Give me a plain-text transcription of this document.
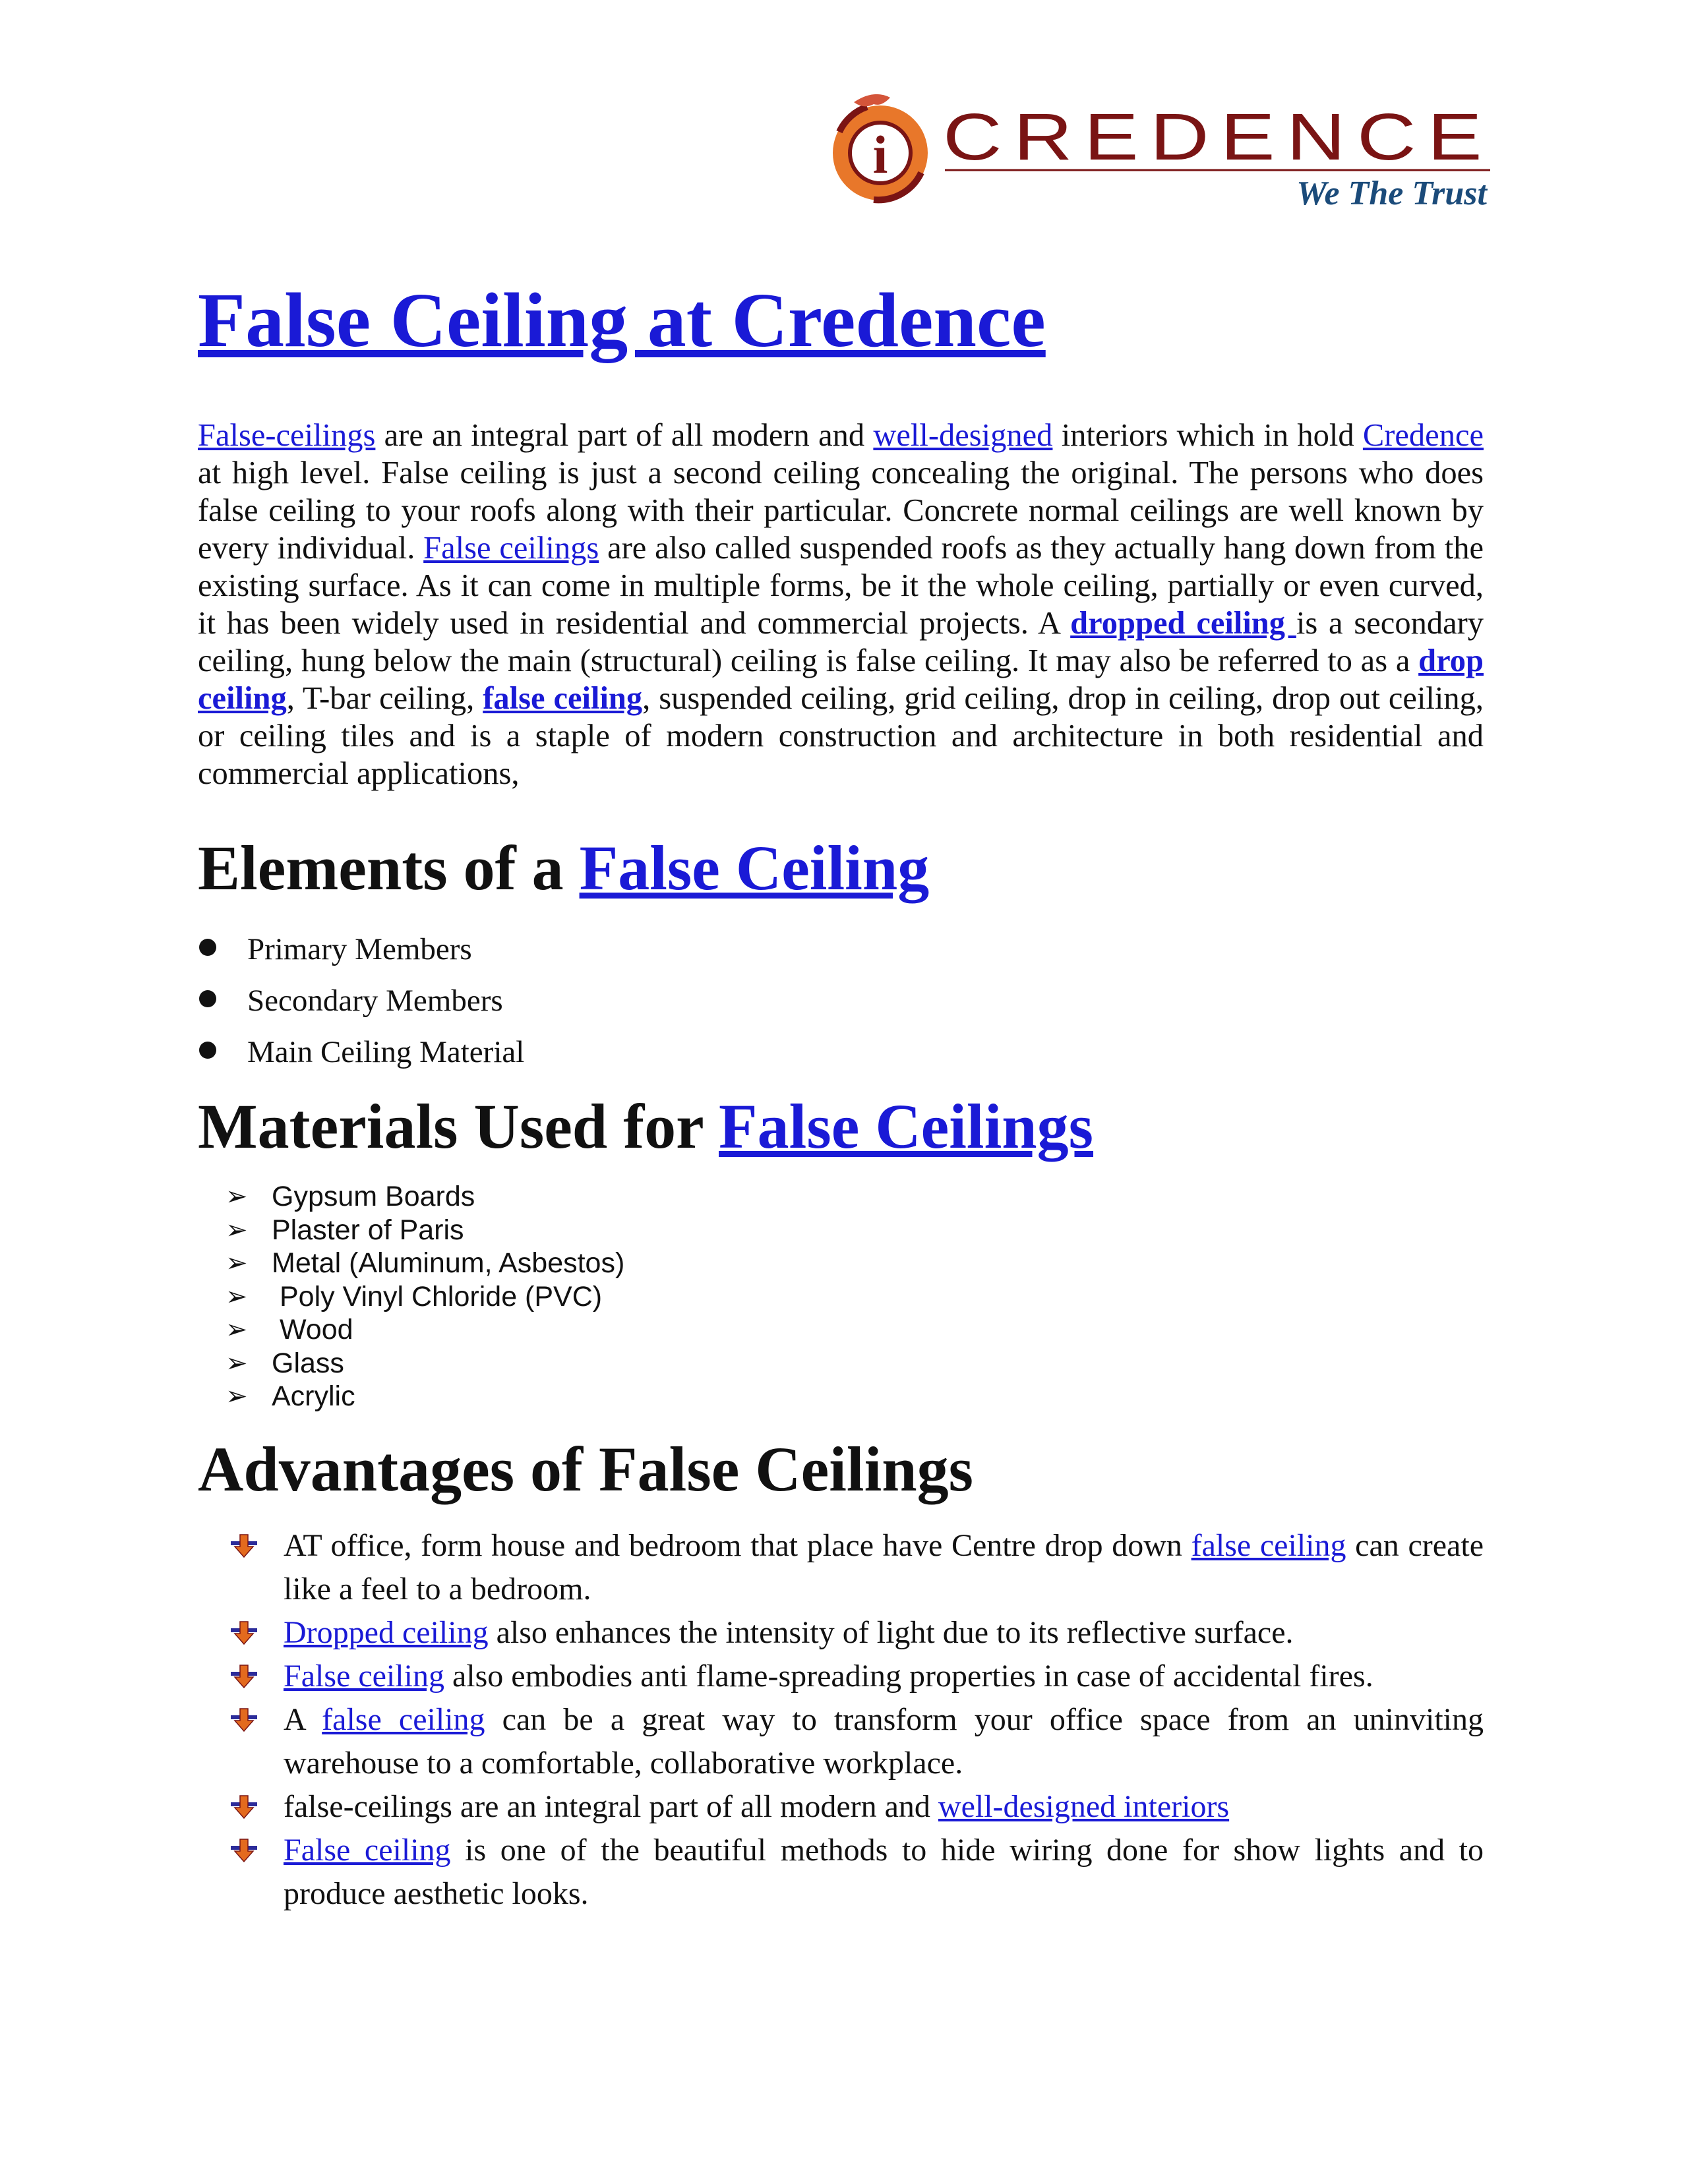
i CREDENCE
We The Trust
False Ceiling at Credence

False-ceilings are an integral part of all modern and well-designed interiors which in hold Credence at high level. False ceiling is just a second ceiling concealing the original. The persons who does false ceiling to your roofs along with their particular. Concrete normal ceilings are well known by every individual. False ceilings are also called suspended roofs as they actually hang down from the existing surface. As it can come in multiple forms, be it the whole ceiling, partially or even curved, it has been widely used in residential and commercial projects. A dropped ceiling is a secondary ceiling, hung below the main (structural) ceiling is false ceiling. It may also be referred to as a drop ceiling, T-bar ceiling, false ceiling, suspended ceiling, grid ceiling, drop in ceiling, drop out ceiling, or ceiling tiles and is a staple of modern construction and architecture in both residential and commercial applications,

Elements of a False Ceiling
Primary Members
Secondary Members
Main Ceiling Material
Materials Used for False Ceilings
➢ Gypsum Boards
➢ Plaster of Paris
➢ Metal (Aluminum, Asbestos)
➢ Poly Vinyl Chloride (PVC)
➢ Wood
➢ Glass
➢ Acrylic
Advantages of False Ceilings
AT office, form house and bedroom that place have Centre drop down false ceiling can create like a feel to a bedroom.
Dropped ceiling also enhances the intensity of light due to its reflective surface.
False ceiling also embodies anti flame-spreading properties in case of accidental fires.
A false ceiling can be a great way to transform your office space from an uninviting warehouse to a comfortable, collaborative workplace.
false-ceilings are an integral part of all modern and well-designed interiors
False ceiling is one of the beautiful methods to hide wiring done for show lights and to produce aesthetic looks.
